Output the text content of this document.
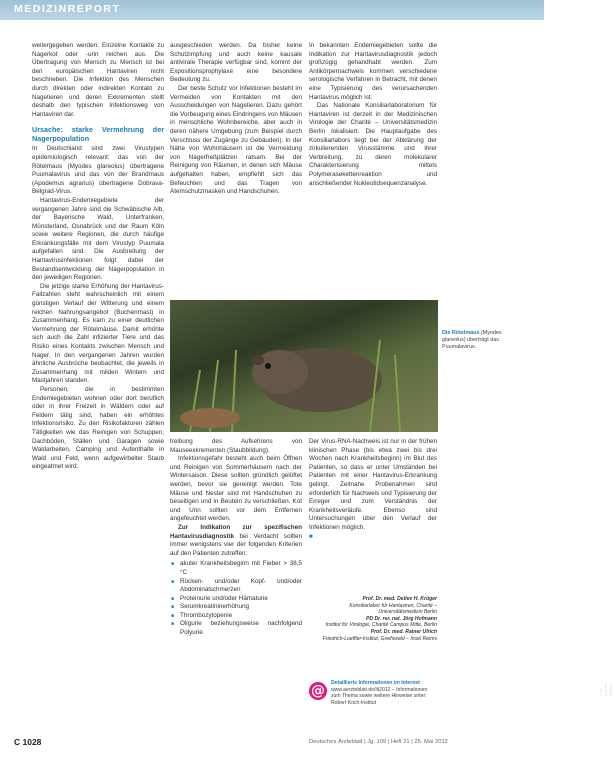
MEDIZINREPORT

weitergegeben werden. Einzelne Kontakte zu Nagerkot oder -urin reichen aus. Die Übertragung von Mensch zu Mensch ist bei den europäischen Hantaviren nicht beschrieben. Die Infektion des Menschen durch direkten oder indirekten Kontakt zu Nagetieren und deren Exkrementen stellt deshalb den typischen Infektionsweg von Hantaviren dar.

Ursache: starke Vermehrung der Nagerpopulation

In Deutschland sind zwei Virustypen epidemiologisch relevant: das von der Rötelmaus (Myodes glareolus) übertragene Puumalavirus und das von der Brandmaus (Apodemus agrarius) übertragene Dobrava-Belgrad-Virus.

Hantavirus-Endemiegebiete der vergangenen Jahre sind die Schwäbische Alb, der Bayerische Wald, Unterfranken, Münsterland, Osnabrück und der Raum Köln sowie weitere Regionen, die durch häufige Erkrankungsfälle mit dem Virustyp Puumala aufgefallen sind. Die Ausbreitung der Hantavirusinfektionen folgt dabei der Bestandsentwicklung der Nagerpopulation in den jeweiligen Regionen.

Die jetzige starke Erhöhung der Hantavirus-Fallzahlen steht wahrscheinlich mit einem günstigen Verlauf der Witterung und einem reichen Nahrungsangebot (Buchenmast) in Zusammenhang. Es kam zu einer deutlichen Vermehrung der Rötelmäuse. Damit erhöhte sich auch die Zahl infizierter Tiere und das Risiko eines Kontakts zwischen Mensch und Nager. In den vergangenen Jahren wurden ähnliche Ausbrüche beobachtet, die jeweils in Zusammenhang mit milden Wintern und Mastjahren standen.

Personen, die in bestimmten Endemiegebieten wohnen oder dort beruflich oder in ihrer Freizeit in Wäldern oder auf Feldern tätig sind, haben ein erhöhtes Infektionsrisiko. Zu den Risikofaktoren zählen Tätigkeiten wie das Reinigen von Schuppen, Dachböden, Ställen und Garagen sowie Waldarbeiten, Camping und Aufenthalte in Wald und Feld, wenn aufgewirbelter Staub eingeatmet wird.

ausgeschieden werden. Da bisher keine Schutzimpfung und auch keine kausale antivirale Therapie verfügbar sind, kommt der Expositionsprophylaxe eine besondere Bedeutung zu.

Der beste Schutz vor Infektionen besteht im Vermeiden von Kontakten mit den Ausscheidungen von Nagetieren. Dazu gehört die Vorbeugung eines Eindringens von Mäusen in menschliche Wohnbereiche, aber auch in deren nähere Umgebung (zum Beispiel durch Verschluss der Zugänge zu Gebäuden). In der Nähe von Wohnhäusern ist die Vermeidung von Nagerfreßplätzen ratsam. Bei der Reinigung von Räumen, in denen sich Mäuse aufgehalten haben, empfiehlt sich das Befeuchten und das Tragen von Atemschutzmasken und Handschuhen.

In bekannten Endemiegebieten sollte die Indikation zur Hantavirusdiagnostik jedoch großzügig gehandhabt werden. Zum Antikörpernachweis kommen verschiedene serologische Verfahren in Betracht, mit denen eine Typisierung des verursachenden Hantavirus möglich ist.

Das Nationale Konsiliarlaboratorium für Hantaviren ist derzeit in der Medizinischen Virologie der Charité – Universitätsmedizin Berlin lokalisiert. Die Hauptaufgabe des Konsiliarlabors liegt bei der Abklärung der zirkulierenden Virusstämme und ihrer Verbreitung, zu deren molekularer Charakterisierung mittels Polymerasekettenreaktion und anschließender Nukleotidsequenzanalyse.

Foto: picture alliance
Die Rötelmaus (Myodes glareolus) überträgt das Puumalavirus.

treibung des Aufkehrens von Mauseexkrementen (Staubbildung).

Infektionsgefahr besteht auch beim Öffnen und Reinigen von Sommerhäusern nach der Wintersaison. Diese sollten gründlich gelüftet werden, bevor sie gereinigt werden. Tote Mäuse und Nester sind mit Handschuhen zu beseitigen und in Beuteln zu verschließen. Kot und Urin sollten vor dem Entfernen angefeuchtet werden.

Zur Indikation zur spezifischen Hantavirusdiagnostik bei Verdacht sollten immer wenigstens vier der folgenden Kriterien auf den Patienten zutreffen:

■ akuter Krankheitsbeginn mit Fieber > 38,5 °C
■ Rücken- und/oder Kopf- und/oder Abdominalschmerzen
■ Proteinurie und/oder Hämaturie
■ Serumkreatininerhöhung
■ Thrombozytopenie
■ Oligurie beziehungsweise nachfolgend Polyurie.

Der Virus-RNA-Nachweis ist nur in der frühen klinischen Phase (bis etwa zwei bis drei Wochen nach Krankheitsbeginn) im Blut des Patienten, so dass er unter Umständen bei Patienten mit einer Hantavirus-Erkrankung gelingt. Zeitnahe Probenahmen sind erforderlich für Nachweis und Typisierung der Erreger und zum Verständnis der Krankheitsverläufe. Ebenso sind Untersuchungen über den Verlauf der Infektionen möglich.

■
Prof. Dr. med. Detlev H. Krüger
Konsiliarlabor für Hantaviren, Charité – Universitätsmedizin Berlin
PD Dr. rer. nat. Jörg Hofmann
Institut für Virologie, Charité Campus Mitte, Berlin
Prof. Dr. med. Rainer Ulrich
Friedrich-Loeffler-Institut, Greifswald – Insel Riems
@	Detaillierte Informationen im Internet
www.aerzteblatt.de/lit2012 – Informationen zum Thema sowie weitere Hinweise unter: Robert Koch-Institut
C 1028	Deutsches Ärzteblatt | Jg. 109 | Heft 21 | 25. Mai 2012
